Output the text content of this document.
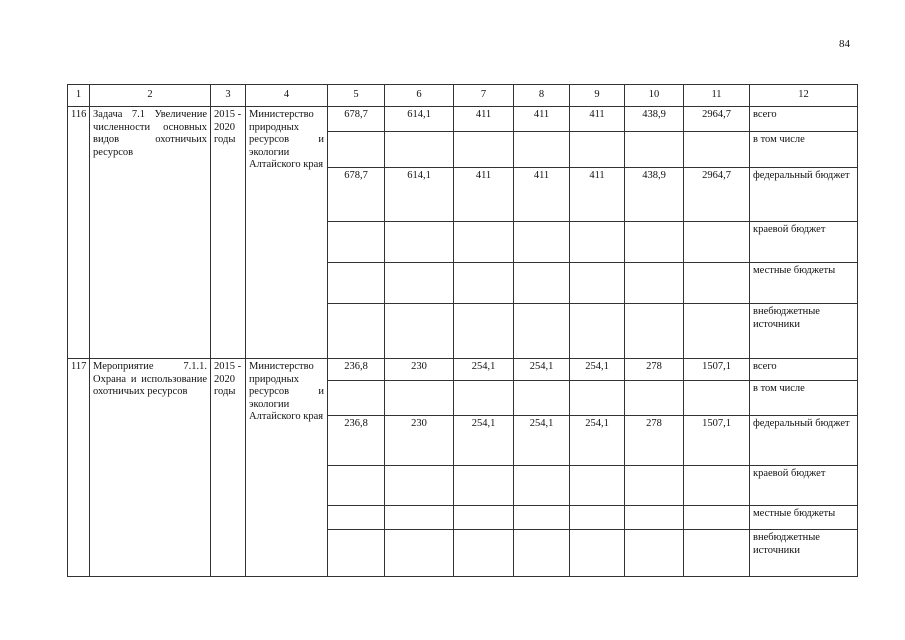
84
1	2	3	4	5	6	7	8	9	10	11	12
116	Задача 7.1 Увеличение численности основных видов охотничьих ресурсов	2015 - 2020 годы	Министерство природных ресурсов и экологии Алтайского края	678,7	614,1	411	411	411	438,9	2964,7	всего
											в том числе
				678,7	614,1	411	411	411	438,9	2964,7	федеральный бюджет
											краевой бюджет
											местные бюджеты
											внебюджетные источники
117	Мероприятие 7.1.1. Охрана и использование охотничьих ресурсов	2015 - 2020 годы	Министерство природных ресурсов и экологии Алтайского края	236,8	230	254,1	254,1	254,1	278	1507,1	всего
											в том числе
				236,8	230	254,1	254,1	254,1	278	1507,1	федеральный бюджет
											краевой бюджет
											местные бюджеты
											внебюджетные источники
